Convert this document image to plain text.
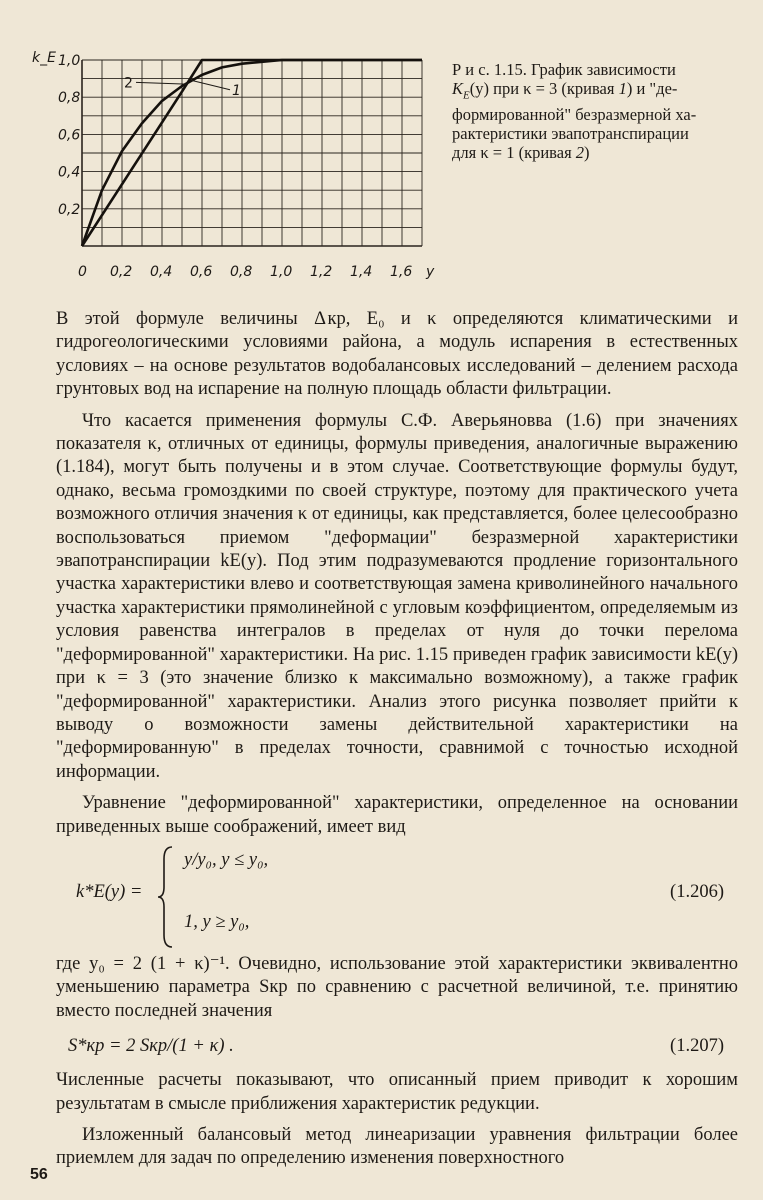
0,2
0,4
0,6
0,8
1,0
0 0,2 0,4 0,6 0,8 1,0 1,2 1,4 1,6
k_E
y
2	1
Р и с. 1.15. График зависимости
$K_E(y)$ при κ = 3 (кривая 1) и "де-
формированной" безразмерной ха-
рактеристики эвапотранспирации
для κ = 1 (кривая 2)

В этой формуле величины Δ кр, E₀ и κ определяются климатическими и гидрогеологическими условиями района, а модуль испарения в естественных условиях – на основе результатов водобалансовых исследований – делением расхода грунтовых вод на испарение на полную площадь области фильтрации.

Что касается применения формулы С.Ф. Аверьяновва (1.6) при значениях показателя κ, отличных от единицы, формулы приведения, аналогичные выражению (1.184), могут быть получены и в этом случае. Соответствующие формулы будут, однако, весьма громоздкими по своей структуре, поэтому для практического учета возможного отличия значения κ от единицы, как представляется, более целесообразно воспользоваться приемом "деформации" безразмерной характеристики эвапотранспирации kE(y). Под этим подразумеваются продление горизонтального участка характеристики влево и соответствующая замена криволинейного начального участка характеристики прямолинейной с угловым коэффициентом, определяемым из условия равенства интегралов в пределах от нуля до точки перелома "деформированной" характеристики. На рис. 1.15 приведен график зависимости kE(y) при κ = 3 (это значение близко к максимально возможному), а также график "деформированной" характеристики. Анализ этого рисунка позволяет прийти к выводу о возможности замены действительной характеристики на "деформированную" в пределах точности, сравнимой с точностью исходной информации.

Уравнение "деформированной" характеристики, определенное на основании приведенных выше соображений, имеет вид

k*E(y) =
y/y₀, y ≤ y₀,
1, y ≥ y₀,
(1.206)

где y₀ = 2 (1 + κ)⁻¹. Очевидно, использование этой характеристики эквивалентно уменьшению параметра Sкр по сравнению с расчетной величиной, т.е. принятию вместо последней значения

S*кр = 2 Sкр/(1 + κ) .	(1.207)

Численные расчеты показывают, что описанный прием приводит к хорошим результатам в смысле приближения характеристик редукции.

Изложенный балансовый метод линеаризации уравнения фильтрации более приемлем для задач по определению изменения поверхностного

56
